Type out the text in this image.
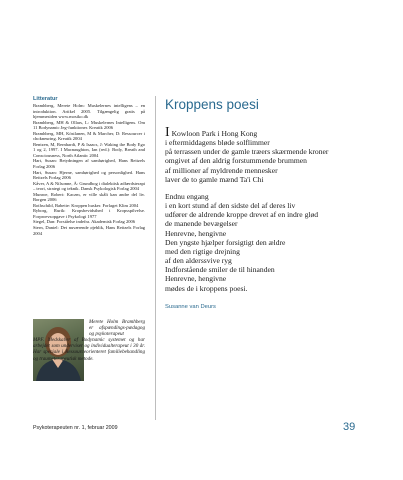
Litteratur
Bramhberg, Merete Holm: Muskelernes intelligens – en introduktion. Artikel 2005. Tilgængelig gratis på hjemmesiden www.mosiko.dk
Bramhberg, MH & Ollars, L: Muskelernes Intelligens. Om 11 Bodynamic Jeg-funktioner. Kreatik 2006
Bramhberg, MH, Köstlanen, M & Marcher, D: Ressourcer i chokneuring. Kreatik 2004
Bentzen, M, Bernhardt, P & Isaacs, J: Waking the Body Ego 1 og 2, 1997. I Macnaughton, Ian (red.): Body, Breath and Consciousness, North Atlantic 2004
Hart, Susan: Betydningen af samhørighed, Hans Reitzels Forlag 2006
Hart, Susan: Hjerne, samhørighed og personlighed. Hans Reitzels Forlag 2006
Kåver, A & Nilsonne, Å: Grundbog i dialektisk adfærdsterapi – teori, strategi og teknik. Dansk Psykologisk Forlag 2004
Munroe, Robert: Kaczm, er ville skålt kan andre del liv. Borgen 2006
Rothschild, Babette: Kroppen husker. Forlaget Klim 2004
Ryborg, Rurik: Kropsbevidsthed i Kropsspilvelse. Forproevsopgave i Psykologi 1977
Siegel, Dan: Forståelse indefra. Akademisk Forlag 2006
Stern, Daniel: Det nuværende øjeblik, Hans Reitzels Forlag 2004
Merete Holm Bramhberg er afspændings-pædagog og psykoterapeut
MPF. Medskaber af Bodynamic systemet og har arbejdet som underviser og individualterapeut i 30 år. Har speciale i Ressourceorienteret familiebehandling og traumeterapeutisk metode.
Kroppens poesi
I Kowloon Park i Hong Kong
i eftermiddagens bløde solflimmer
på terrassen under de gamle træers skærmende kroner
omgivet af den aldrig forstummende brummen
af millioner af myldrende mennesker
laver de to gamle mænd Ta'i Chi
Endnu engang
i en kort stund af den sidste del af deres liv
udfører de aldrende kroppe drevet af en indre glød
de manende bevægelser
Henrevne, hengivne
Den yngste hjælper forsigtigt den ældre
med den rigtige drejning
af den alderssvive ryg
Indforstående smiler de til hinanden
Henrevne, hengivne
mødes de i kroppens poesi.
Susanne van Deurs
Psykoterapeuten nr. 1, februar 2009	39
